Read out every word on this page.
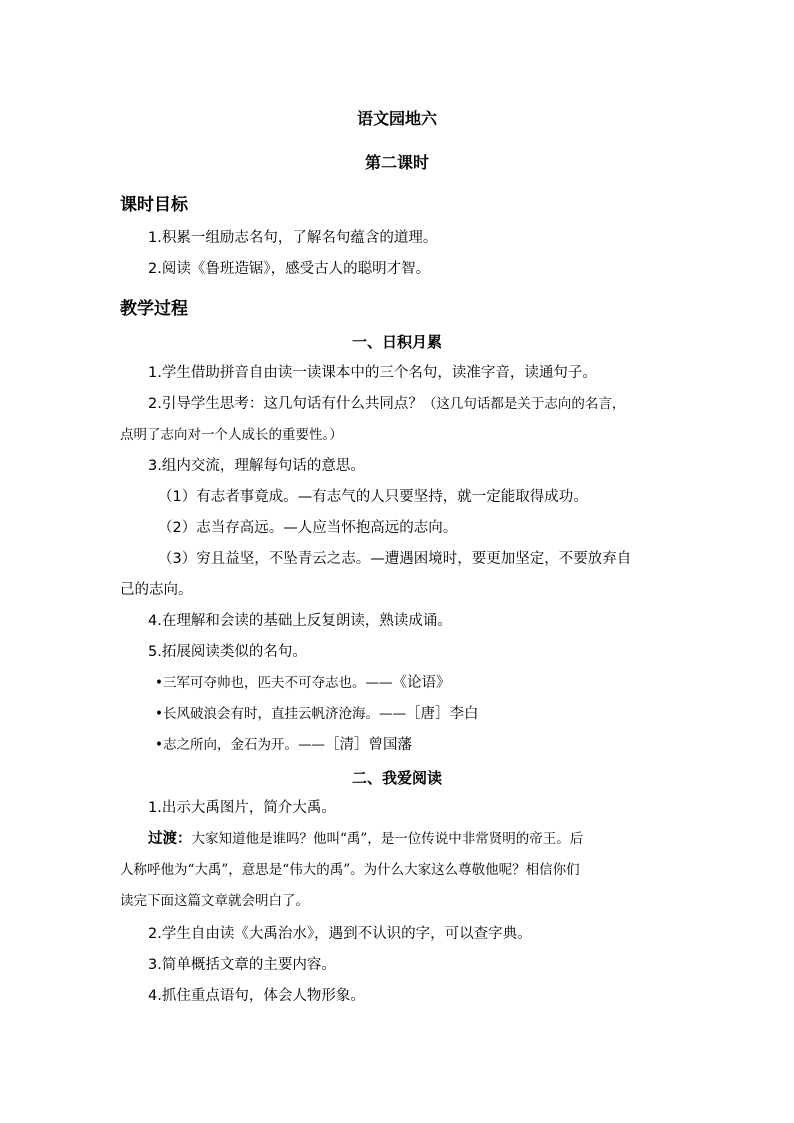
语文园地六
第二课时
课时目标
1.积累一组励志名句，了解名句蕴含的道理。
2.阅读《鲁班造锯》，感受古人的聪明才智。
教学过程
一、日积月累
1.学生借助拼音自由读一读课本中的三个名句，读准字音，读通句子。
2.引导学生思考：这几句话有什么共同点？（这几句话都是关于志向的名言，
点明了志向对一个人成长的重要性。）
3.组内交流，理解每句话的意思。
（1）有志者事竟成。—有志气的人只要坚持，就一定能取得成功。
（2）志当存高远。—人应当怀抱高远的志向。
（3）穷且益坚，不坠青云之志。—遭遇困境时，要更加坚定，不要放弃自
己的志向。
4.在理解和会读的基础上反复朗读，熟读成诵。
5.拓展阅读类似的名句。
•三军可夺帅也，匹夫不可夺志也。——《论语》
•长风破浪会有时，直挂云帆济沧海。——［唐］李白
•志之所向，金石为开。——［清］曾国藩
二、我爱阅读
1.出示大禹图片，简介大禹。
过渡：大家知道他是谁吗？他叫“禹”，是一位传说中非常贤明的帝王。后
人称呼他为“大禹”，意思是“伟大的禹”。为什么大家这么尊敬他呢？相信你们
读完下面这篇文章就会明白了。
2.学生自由读《大禹治水》，遇到不认识的字，可以查字典。
3.简单概括文章的主要内容。
4.抓住重点语句，体会人物形象。
